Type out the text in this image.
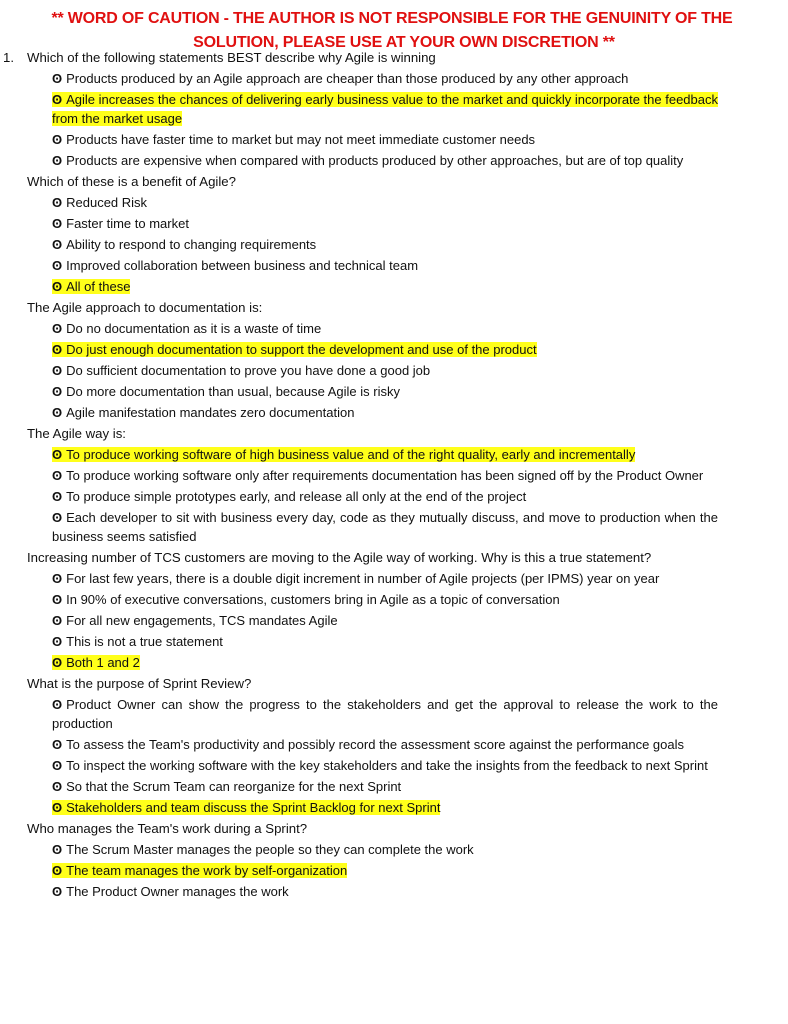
** WORD OF CAUTION - THE AUTHOR IS NOT RESPONSIBLE FOR THE GENUINITY OF THE
SOLUTION, PLEASE USE AT YOUR OWN DISCRETION **
1. Which of the following statements BEST describe why Agile is winning
ʘ Products produced by an Agile approach are cheaper than those produced by any other approach
ʘ Agile increases the chances of delivering early business value to the market and quickly incorporate the feedback from the market usage
ʘ Products have faster time to market but may not meet immediate customer needs
ʘ Products are expensive when compared with products produced by other approaches, but are of top quality
Which of these is a benefit of Agile?
ʘ Reduced Risk
ʘ Faster time to market
ʘ Ability to respond to changing requirements
ʘ Improved collaboration between business and technical team
ʘ All of these
The Agile approach to documentation is:
ʘ Do no documentation as it is a waste of time
ʘ Do just enough documentation to support the development and use of the product
ʘ Do sufficient documentation to prove you have done a good job
ʘ Do more documentation than usual, because Agile is risky
ʘ Agile manifestation mandates zero documentation
The Agile way is:
ʘ To produce working software of high business value and of the right quality, early and incrementally
ʘ To produce working software only after requirements documentation has been signed off by the Product Owner
ʘ To produce simple prototypes early, and release all only at the end of the project
ʘ Each developer to sit with business every day, code as they mutually discuss, and move to production when the business seems satisfied
Increasing number of TCS customers are moving to the Agile way of working. Why is this a true statement?
ʘ For last few years, there is a double digit increment in number of Agile projects (per IPMS) year on year
ʘ In 90% of executive conversations, customers bring in Agile as a topic of conversation
ʘ For all new engagements, TCS mandates Agile
ʘ This is not a true statement
ʘ Both 1 and 2
What is the purpose of Sprint Review?
ʘ Product Owner can show the progress to the stakeholders and get the approval to release the work to the production
ʘ To assess the Team's productivity and possibly record the assessment score against the performance goals
ʘ To inspect the working software with the key stakeholders and take the insights from the feedback to next Sprint
ʘ So that the Scrum Team can reorganize for the next Sprint
ʘ Stakeholders and team discuss the Sprint Backlog for next Sprint
Who manages the Team's work during a Sprint?
ʘ The Scrum Master manages the people so they can complete the work
ʘ The team manages the work by self-organization
ʘ The Product Owner manages the work
